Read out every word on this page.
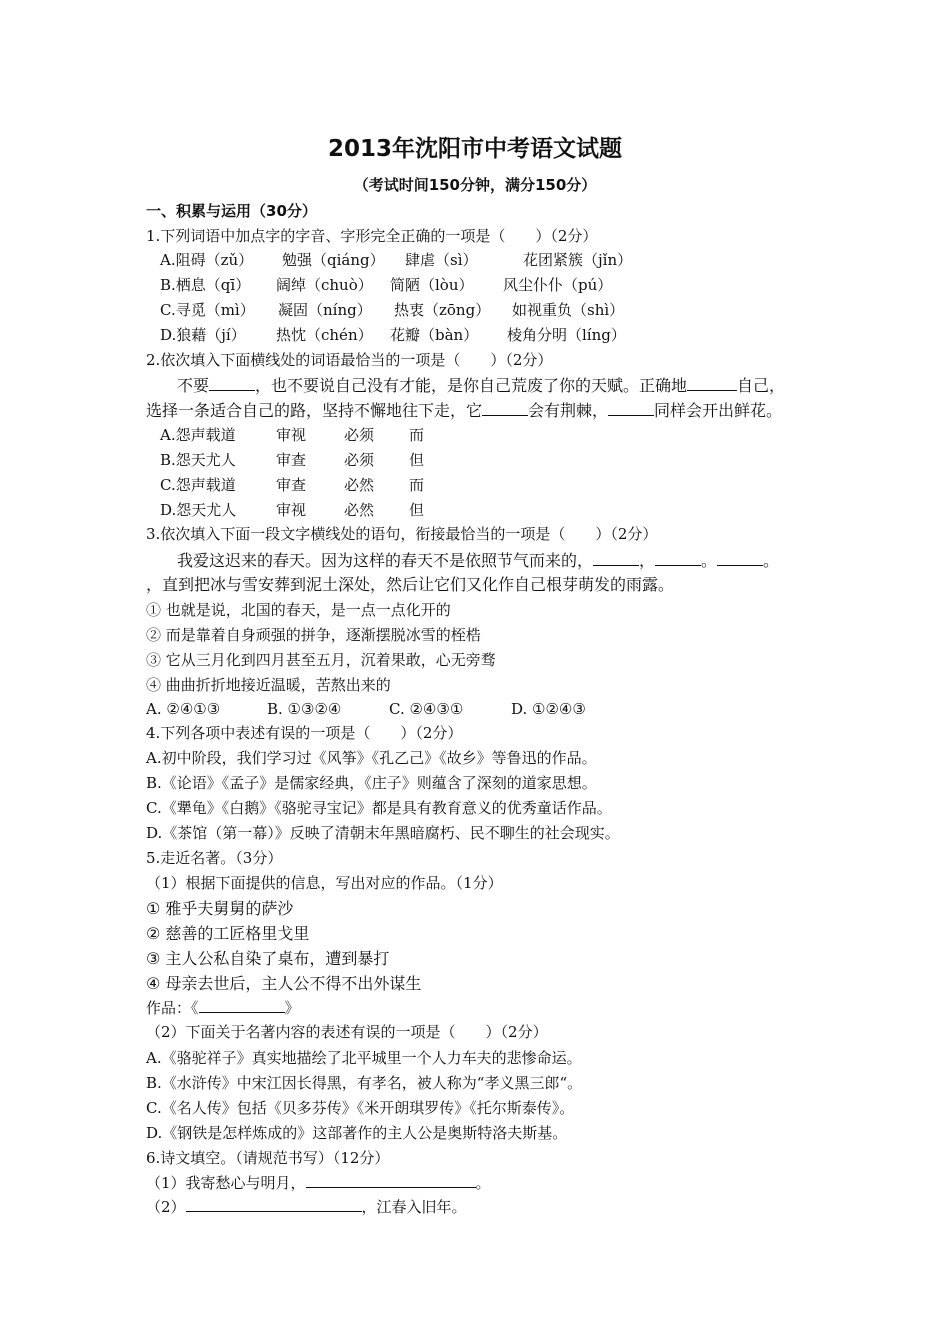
2013年沈阳市中考语文试题
（考试时间150分钟，满分150分）
一、积累与运用（30分）
1.下列词语中加点字的字音、字形完全正确的一项是（　　）（2分）
A.阻碍（zǔ） 勉强（qiáng） 肆虐（sì）	花团紧簇（jǐn）
B.栖息（qī） 阔绰（chuò） 简陋（lòu） 风尘仆仆（pú）
C.寻觅（mì） 凝固（níng） 热衷（zōng） 如视重负（shì）
D.狼藉（jí） 热忱（chén） 花瓣（bàn） 棱角分明（líng）
2.依次填入下面横线处的词语最恰当的一项是（　　）（2分）
不要	，也不要说自己没有才能，是你自己荒废了你的天赋。正确地	自己，
选择一条适合自己的路，坚持不懈地往下走，它	会有荆棘，	同样会开出鲜花。
A.怨声载道	审视	必须 而
B.怨天尤人	审查	必须 但
C.怨声载道	审查	必然 而
D.怨天尤人	审视	必然 但
3.依次填入下面一段文字横线处的语句，衔接最恰当的一项是（　　）（2分）
我爱这迟来的春天。因为这样的春天不是依照节气而来的，	，	。	。
，直到把冰与雪安葬到泥土深处，然后让它们又化作自己根芽萌发的雨露。
① 也就是说，北国的春天，是一点一点化开的
② 而是靠着自身顽强的拼争，逐渐摆脱冰雪的桎梏
③ 它从三月化到四月甚至五月，沉着果敢，心无旁骛
④ 曲曲折折地接近温暖，苦熬出来的
A. ②④①③	B. ①③②④	C. ②④③①	D. ①②④③
4.下列各项中表述有误的一项是（　　）（2分）
A.初中阶段，我们学习过《风筝》《孔乙己》《故乡》等鲁迅的作品。
B.《论语》《孟子》是儒家经典，《庄子》则蕴含了深刻的道家思想。
C.《犟龟》《白鹅》《骆驼寻宝记》都是具有教育意义的优秀童话作品。
D.《茶馆（第一幕）》反映了清朝末年黑暗腐朽、民不聊生的社会现实。
5.走近名著。（3分）
（1）根据下面提供的信息，写出对应的作品。（1分）
① 雅乎夫舅舅的萨沙
② 慈善的工匠格里戈里
③ 主人公私自染了桌布，遭到暴打
④ 母亲去世后，主人公不得不出外谋生
作品：《	》
（2）下面关于名著内容的表述有误的一项是（　　）（2分）
A.《骆驼祥子》真实地描绘了北平城里一个人力车夫的悲惨命运。
B.《水浒传》中宋江因长得黑，有孝名，被人称为“孝义黑三郎“。
C.《名人传》包括《贝多芬传》《米开朗琪罗传》《托尔斯泰传》。
D.《钢铁是怎样炼成的》这部著作的主人公是奥斯特洛夫斯基。
6.诗文填空。（请规范书写）（12分）
（1）我寄愁心与明月，	。
（2）	，江春入旧年。
